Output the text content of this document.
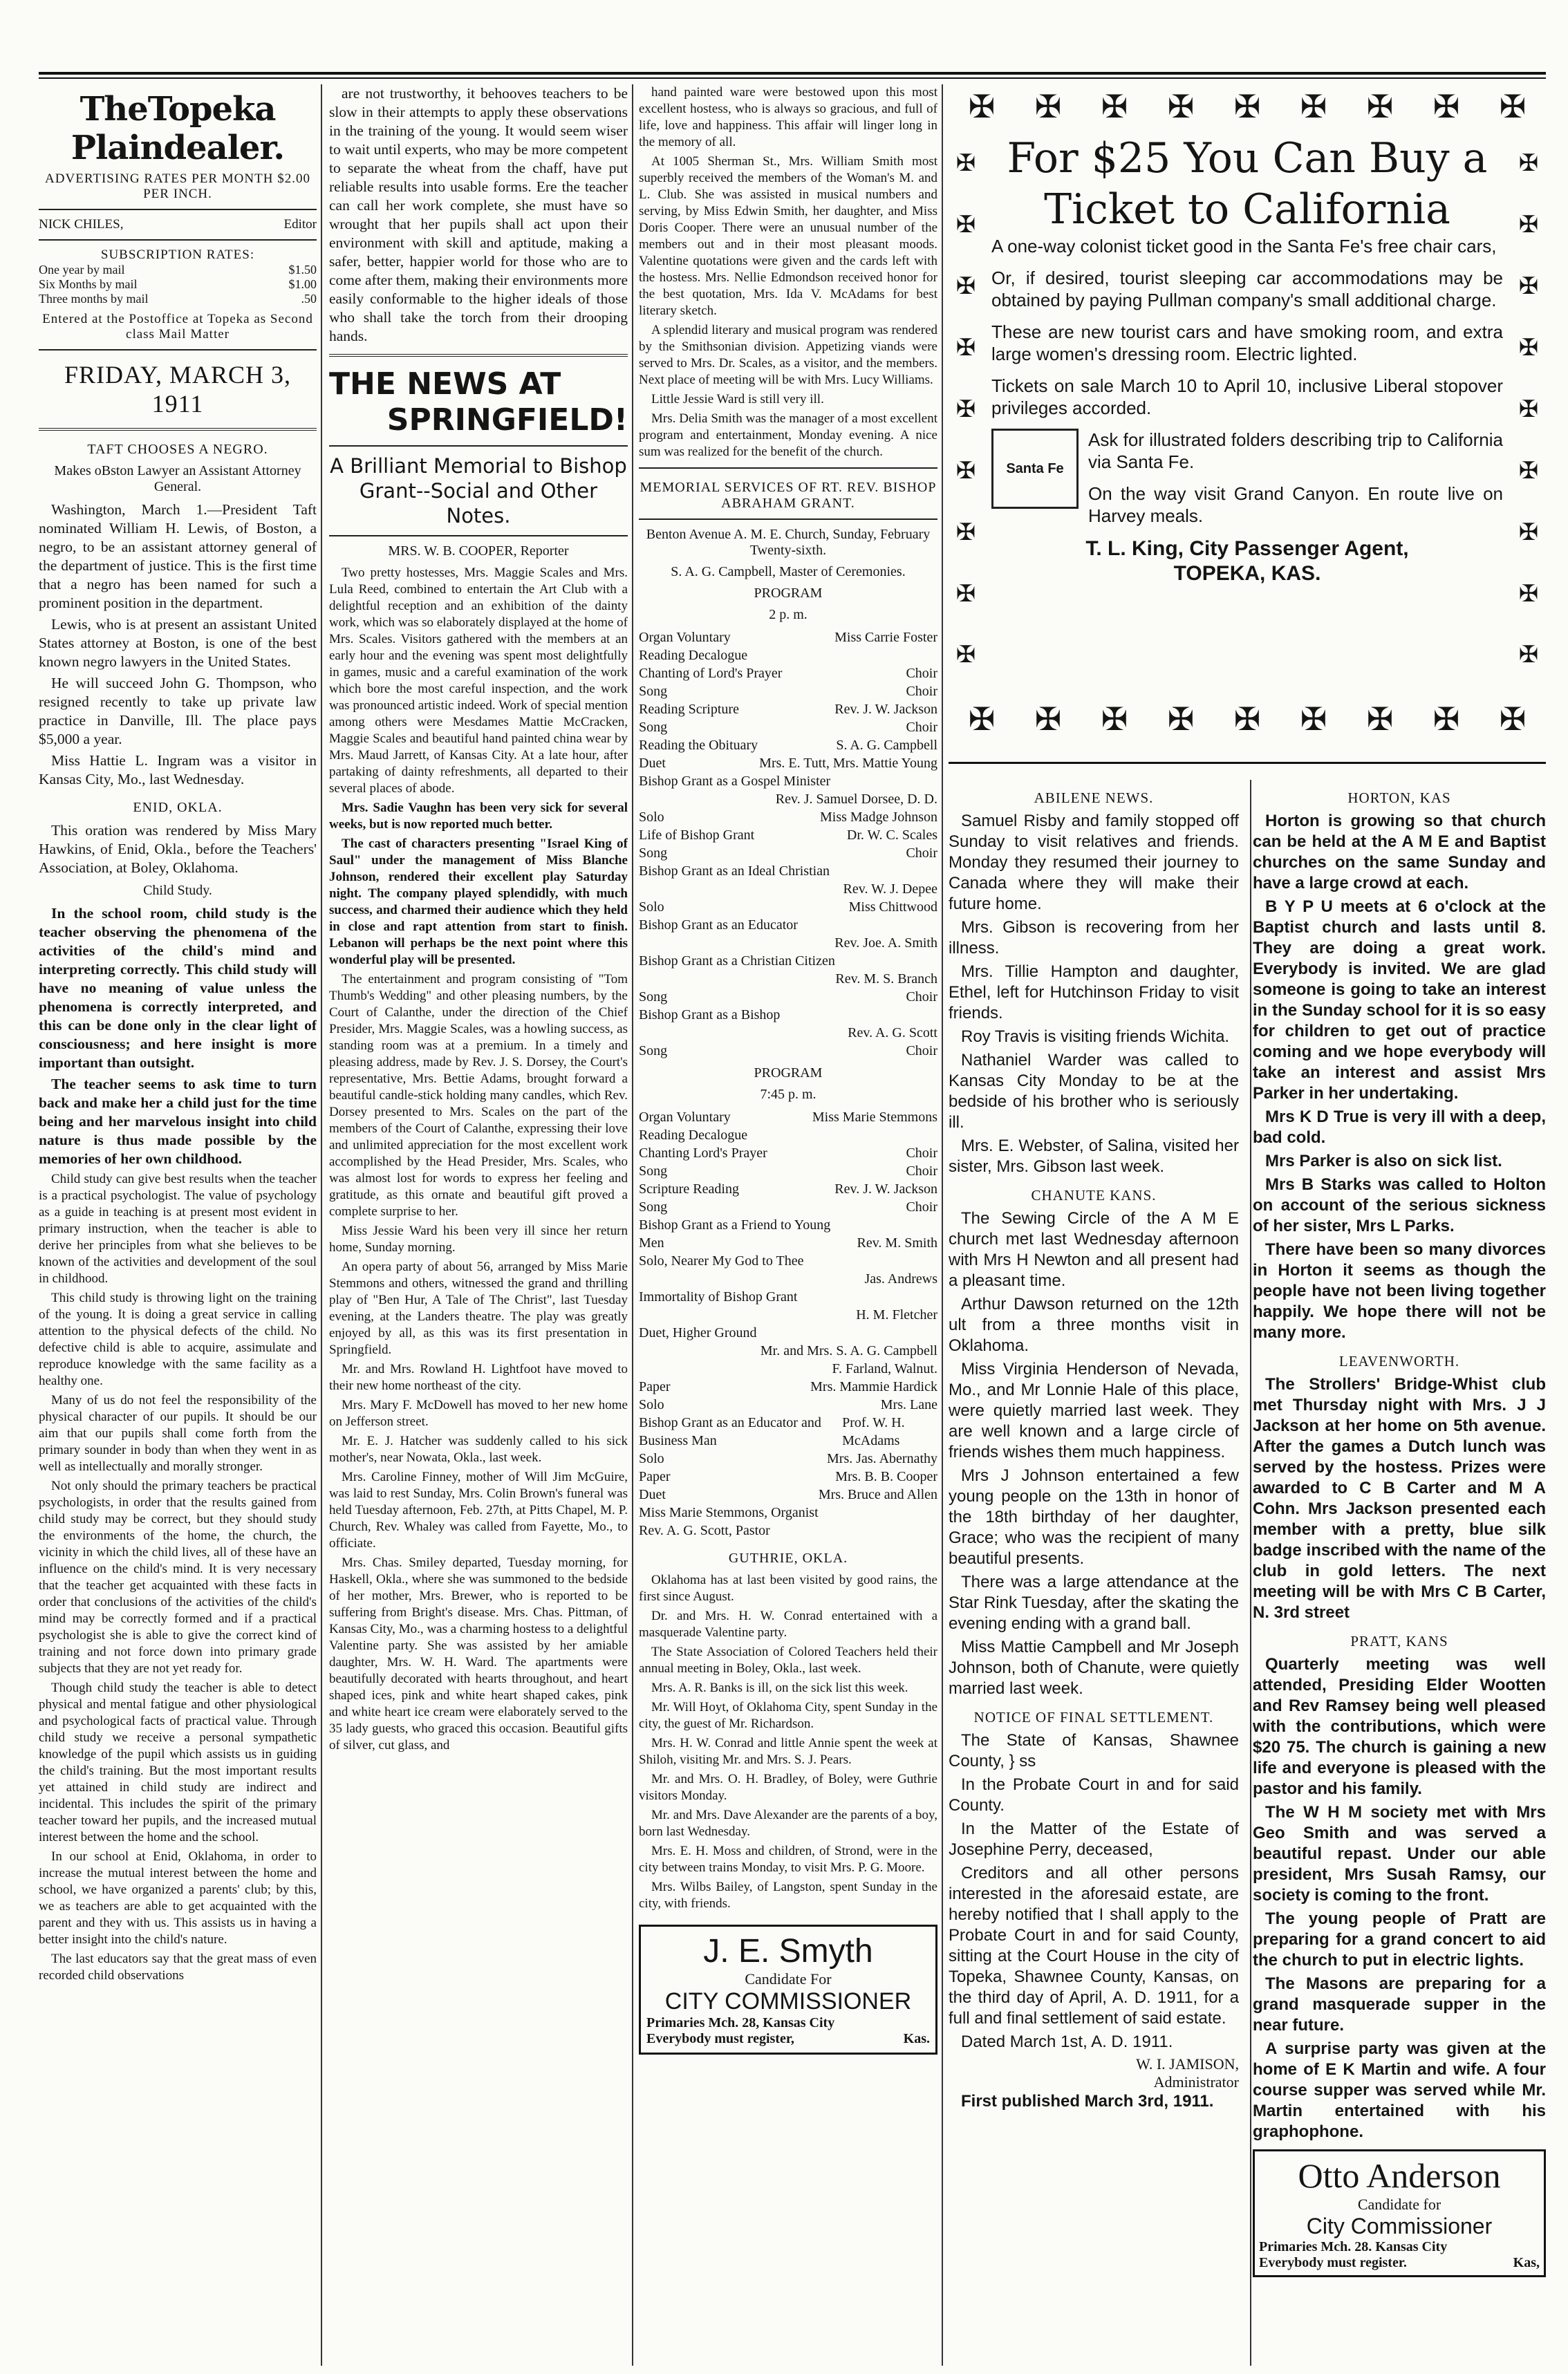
TheTopeka Plaindealer.
ADVERTISING RATES PER MONTH $2.00 PER INCH.
NICK CHILES,	Editor
SUBSCRIPTION RATES:
One year by mail	$1.50
Six Months by mail	$1.00
Three months by mail	.50
Entered at the Postoffice at Topeka as Second class Mail Matter
FRIDAY, MARCH 3, 1911
TAFT CHOOSES A NEGRO.
Makes oBston Lawyer an Assistant Attorney General.

Washington, March 1.—President Taft nominated William H. Lewis, of Boston, a negro, to be an assistant attorney general of the department of justice. This is the first time that a negro has been named for such a prominent position in the department.

Lewis, who is at present an assistant United States attorney at Boston, is one of the best known negro lawyers in the United States.

He will succeed John G. Thompson, who resigned recently to take up private law practice in Danville, Ill. The place pays $5,000 a year.

Miss Hattie L. Ingram was a visitor in Kansas City, Mo., last Wednesday.

ENID, OKLA.

This oration was rendered by Miss Mary Hawkins, of Enid, Okla., before the Teachers' Association, at Boley, Oklahoma.

Child Study.

In the school room, child study is the teacher observing the phenomena of the activities of the child's mind and interpreting correctly. This child study will have no meaning of value unless the phenomena is correctly interpreted, and this can be done only in the clear light of consciousness; and here insight is more important than outsight.

The teacher seems to ask time to turn back and make her a child just for the time being and her marvelous insight into child nature is thus made possible by the memories of her own childhood.

Child study can give best results when the teacher is a practical psychologist. The value of psychology as a guide in teaching is at present most evident in primary instruction, when the teacher is able to derive her principles from what she believes to be known of the activities and development of the soul in childhood.

This child study is throwing light on the training of the young. It is doing a great service in calling attention to the physical defects of the child. No defective child is able to acquire, assimulate and reproduce knowledge with the same facility as a healthy one.

Many of us do not feel the responsibility of the physical character of our pupils. It should be our aim that our pupils shall come forth from the primary sounder in body than when they went in as well as intellectually and morally stronger.

Not only should the primary teachers be practical psychologists, in order that the results gained from child study may be correct, but they should study the environments of the home, the church, the vicinity in which the child lives, all of these have an influence on the child's mind. It is very necessary that the teacher get acquainted with these facts in order that conclusions of the activities of the child's mind may be correctly formed and if a practical psychologist she is able to give the correct kind of training and not force down into primary grade subjects that they are not yet ready for.

Though child study the teacher is able to detect physical and mental fatigue and other physiological and psychological facts of practical value. Through child study we receive a personal sympathetic knowledge of the pupil which assists us in guiding the child's training. But the most important results yet attained in child study are indirect and incidental. This includes the spirit of the primary teacher toward her pupils, and the increased mutual interest between the home and the school.

In our school at Enid, Oklahoma, in order to increase the mutual interest between the home and school, we have organized a parents' club; by this, we as teachers are able to get acquainted with the parent and they with us. This assists us in having a better insight into the child's nature.

The last educators say that the great mass of even recorded child observations

are not trustworthy, it behooves teachers to be slow in their attempts to apply these observations in the training of the young. It would seem wiser to wait until experts, who may be more competent to separate the wheat from the chaff, have put reliable results into usable forms. Ere the teacher can call her work complete, she must have so wrought that her pupils shall act upon their environment with skill and aptitude, making a safer, better, happier world for those who are to come after them, making their environments more easily conformable to the higher ideals of those who shall take the torch from their drooping hands.

THE NEWS AT
SPRINGFIELD!
A Brilliant Memorial to Bishop Grant--Social and Other Notes.
MRS. W. B. COOPER, Reporter

Two pretty hostesses, Mrs. Maggie Scales and Mrs. Lula Reed, combined to entertain the Art Club with a delightful reception and an exhibition of the dainty work, which was so elaborately displayed at the home of Mrs. Scales. Visitors gathered with the members at an early hour and the evening was spent most delightfully in games, music and a careful examination of the work which bore the most careful inspection, and the work was pronounced artistic indeed. Work of special mention among others were Mesdames Mattie McCracken, Maggie Scales and beautiful hand painted china wear by Mrs. Maud Jarrett, of Kansas City. At a late hour, after partaking of dainty refreshments, all departed to their several places of abode.

Mrs. Sadie Vaughn has been very sick for several weeks, but is now reported much better.

The cast of characters presenting "Israel King of Saul" under the management of Miss Blanche Johnson, rendered their excellent play Saturday night. The company played splendidly, with much success, and charmed their audience which they held in close and rapt attention from start to finish. Lebanon will perhaps be the next point where this wonderful play will be presented.

The entertainment and program consisting of "Tom Thumb's Wedding" and other pleasing numbers, by the Court of Calanthe, under the direction of the Chief Presider, Mrs. Maggie Scales, was a howling success, as standing room was at a premium. In a timely and pleasing address, made by Rev. J. S. Dorsey, the Court's representative, Mrs. Bettie Adams, brought forward a beautiful candle-stick holding many candles, which Rev. Dorsey presented to Mrs. Scales on the part of the members of the Court of Calanthe, expressing their love and unlimited appreciation for the most excellent work accomplished by the Head Presider, Mrs. Scales, who was almost lost for words to express her feeling and gratitude, as this ornate and beautiful gift proved a complete surprise to her.

Miss Jessie Ward his been very ill since her return home, Sunday morning.

An opera party of about 56, arranged by Miss Marie Stemmons and others, witnessed the grand and thrilling play of "Ben Hur, A Tale of The Christ", last Tuesday evening, at the Landers theatre. The play was greatly enjoyed by all, as this was its first presentation in Springfield.

Mr. and Mrs. Rowland H. Lightfoot have moved to their new home northeast of the city.

Mrs. Mary F. McDowell has moved to her new home on Jefferson street.

Mr. E. J. Hatcher was suddenly called to his sick mother's, near Nowata, Okla., last week.

Mrs. Caroline Finney, mother of Will Jim McGuire, was laid to rest Sunday, Mrs. Colin Brown's funeral was held Tuesday afternoon, Feb. 27th, at Pitts Chapel, M. P. Church, Rev. Whaley was called from Fayette, Mo., to officiate.

Mrs. Chas. Smiley departed, Tuesday morning, for Haskell, Okla., where she was summoned to the bedside of her mother, Mrs. Brewer, who is reported to be suffering from Bright's disease. Mrs. Chas. Pittman, of Kansas City, Mo., was a charming hostess to a delightful Valentine party. She was assisted by her amiable daughter, Mrs. W. H. Ward. The apartments were beautifully decorated with hearts throughout, and heart shaped ices, pink and white heart shaped cakes, pink and white heart ice cream were elaborately served to the 35 lady guests, who graced this occasion. Beautiful gifts of silver, cut glass, and

hand painted ware were bestowed upon this most excellent hostess, who is always so gracious, and full of life, love and happiness. This affair will linger long in the memory of all.

At 1005 Sherman St., Mrs. William Smith most superbly received the members of the Woman's M. and L. Club. She was assisted in musical numbers and serving, by Miss Edwin Smith, her daughter, and Miss Doris Cooper. There were an unusual number of the members out and in their most pleasant moods. Valentine quotations were given and the cards left with the hostess. Mrs. Nellie Edmondson received honor for the best quotation, Mrs. Ida V. McAdams for best literary sketch.

A splendid literary and musical program was rendered by the Smithsonian division. Appetizing viands were served to Mrs. Dr. Scales, as a visitor, and the members. Next place of meeting will be with Mrs. Lucy Williams.

Little Jessie Ward is still very ill.

Mrs. Delia Smith was the manager of a most excellent program and entertainment, Monday evening. A nice sum was realized for the benefit of the church.

MEMORIAL SERVICES OF RT. REV. BISHOP ABRAHAM GRANT.
Benton Avenue A. M. E. Church, Sunday, February Twenty-sixth.
S. A. G. Campbell, Master of Ceremonies.
PROGRAM
2 p. m.
Organ Voluntary	Miss Carrie Foster
Reading Decalogue
Chanting of Lord's Prayer	Choir
Song	Choir
Reading Scripture	Rev. J. W. Jackson
Song	Choir
Reading the Obituary	S. A. G. Campbell
Duet	Mrs. E. Tutt, Mrs. Mattie Young
Bishop Grant as a Gospel Minister
Rev. J. Samuel Dorsee, D. D.
Solo	Miss Madge Johnson
Life of Bishop Grant	Dr. W. C. Scales
Song	Choir
Bishop Grant as an Ideal Christian
Rev. W. J. Depee
Solo	Miss Chittwood
Bishop Grant as an Educator
Rev. Joe. A. Smith
Bishop Grant as a Christian Citizen
Rev. M. S. Branch
Song	Choir
Bishop Grant as a Bishop
Rev. A. G. Scott
Song	Choir
PROGRAM
7:45 p. m.
Organ Voluntary	Miss Marie Stemmons
Reading Decalogue
Chanting Lord's Prayer	Choir
Song	Choir
Scripture Reading	Rev. J. W. Jackson
Song	Choir
Bishop Grant as a Friend to Young
Men	Rev. M. Smith
Solo, Nearer My God to Thee
Jas. Andrews
Immortality of Bishop Grant
H. M. Fletcher
Duet, Higher Ground
Mr. and Mrs. S. A. G. Campbell
F. Farland, Walnut.
Paper	Mrs. Mammie Hardick
Solo	Mrs. Lane
Bishop Grant as an Educator and Business Man
Prof. W. H. McAdams
Solo	Mrs. Jas. Abernathy
Paper	Mrs. B. B. Cooper
Duet	Mrs. Bruce and Allen
Miss Marie Stemmons, Organist
Rev. A. G. Scott, Pastor
GUTHRIE, OKLA.

Oklahoma has at last been visited by good rains, the first since August.

Dr. and Mrs. H. W. Conrad entertained with a masquerade Valentine party.

The State Association of Colored Teachers held their annual meeting in Boley, Okla., last week.

Mrs. A. R. Banks is ill, on the sick list this week.

Mr. Will Hoyt, of Oklahoma City, spent Sunday in the city, the guest of Mr. Richardson.

Mrs. H. W. Conrad and little Annie spent the week at Shiloh, visiting Mr. and Mrs. S. J. Pears.

Mr. and Mrs. O. H. Bradley, of Boley, were Guthrie visitors Monday.

Mr. and Mrs. Dave Alexander are the parents of a boy, born last Wednesday.

Mrs. E. H. Moss and children, of Strond, were in the city between trains Monday, to visit Mrs. P. G. Moore.

Mrs. Wilbs Bailey, of Langston, spent Sunday in the city, with friends.

J. E. Smyth
Candidate For
CITY COMMISSIONER
Primaries Mch. 28, Kansas City
Everybody must register,	Kas.
✠ ✠ ✠ ✠ ✠ ✠ ✠ ✠ ✠
✠
✠
✠
✠
✠
✠
✠
✠
✠
✠
✠
✠
✠
✠
✠
✠
✠
✠
For $25 You Can Buy a
Ticket to California

A one-way colonist ticket good in the Santa Fe's free chair cars,

Or, if desired, tourist sleeping car accommodations may be obtained by paying Pullman company's small additional charge.

These are new tourist cars and have smoking room, and extra large women's dressing room. Electric lighted.

Tickets on sale March 10 to April 10, inclusive Liberal stopover privileges accorded.

Santa Fe

Ask for illustrated folders describing trip to California via Santa Fe.

On the way visit Grand Canyon. En route live on Harvey meals.

T. L. King, City Passenger Agent,
TOPEKA, KAS.
✠ ✠ ✠ ✠ ✠ ✠ ✠ ✠ ✠
ABILENE NEWS.

Samuel Risby and family stopped off Sunday to visit relatives and friends. Monday they resumed their journey to Canada where they will make their future home.

Mrs. Gibson is recovering from her illness.

Mrs. Tillie Hampton and daughter, Ethel, left for Hutchinson Friday to visit friends.

Roy Travis is visiting friends Wichita.

Nathaniel Warder was called to Kansas City Monday to be at the bedside of his brother who is seriously ill.

Mrs. E. Webster, of Salina, visited her sister, Mrs. Gibson last week.

CHANUTE KANS.

The Sewing Circle of the A M E church met last Wednesday afternoon with Mrs H Newton and all present had a pleasant time.

Arthur Dawson returned on the 12th ult from a three months visit in Oklahoma.

Miss Virginia Henderson of Nevada, Mo., and Mr Lonnie Hale of this place, were quietly married last week. They are well known and a large circle of friends wishes them much happiness.

Mrs J Johnson entertained a few young people on the 13th in honor of the 18th birthday of her daughter, Grace; who was the recipient of many beautiful presents.

There was a large attendance at the Star Rink Tuesday, after the skating the evening ending with a grand ball.

Miss Mattie Campbell and Mr Joseph Johnson, both of Chanute, were quietly married last week.

NOTICE OF FINAL SETTLEMENT.

The State of Kansas, Shawnee County, } ss

In the Probate Court in and for said County.

In the Matter of the Estate of Josephine Perry, deceased,

Creditors and all other persons interested in the aforesaid estate, are hereby notified that I shall apply to the Probate Court in and for said County, sitting at the Court House in the city of Topeka, Shawnee County, Kansas, on the third day of April, A. D. 1911, for a full and final settlement of said estate.

Dated March 1st, A. D. 1911.

W. I. JAMISON,
Administrator

First published March 3rd, 1911.

HORTON, KAS

Horton is growing so that church can be held at the A M E and Baptist churches on the same Sunday and have a large crowd at each.

B Y P U meets at 6 o'clock at the Baptist church and lasts until 8. They are doing a great work. Everybody is invited. We are glad someone is going to take an interest in the Sunday school for it is so easy for children to get out of practice coming and we hope everybody will take an interest and assist Mrs Parker in her undertaking.

Mrs K D True is very ill with a deep, bad cold.

Mrs Parker is also on sick list.

Mrs B Starks was called to Holton on account of the serious sickness of her sister, Mrs L Parks.

There have been so many divorces in Horton it seems as though the people have not been living together happily. We hope there will not be many more.

LEAVENWORTH.

The Strollers' Bridge-Whist club met Thursday night with Mrs. J J Jackson at her home on 5th avenue. After the games a Dutch lunch was served by the hostess. Prizes were awarded to C B Carter and M A Cohn. Mrs Jackson presented each member with a pretty, blue silk badge inscribed with the name of the club in gold letters. The next meeting will be with Mrs C B Carter, N. 3rd street

PRATT, KANS

Quarterly meeting was well attended, Presiding Elder Wootten and Rev Ramsey being well pleased with the contributions, which were $20 75. The church is gaining a new life and everyone is pleased with the pastor and his family.

The W H M society met with Mrs Geo Smith and was served a beautiful repast. Under our able president, Mrs Susah Ramsy, our society is coming to the front.

The young people of Pratt are preparing for a grand concert to aid the church to put in electric lights.

The Masons are preparing for a grand masquerade supper in the near future.

A surprise party was given at the home of E K Martin and wife. A four course supper was served while Mr. Martin entertained with his graphophone.

Otto Anderson
Candidate for
City Commissioner
Primaries Mch. 28. Kansas City
Everybody must register.	Kas,
